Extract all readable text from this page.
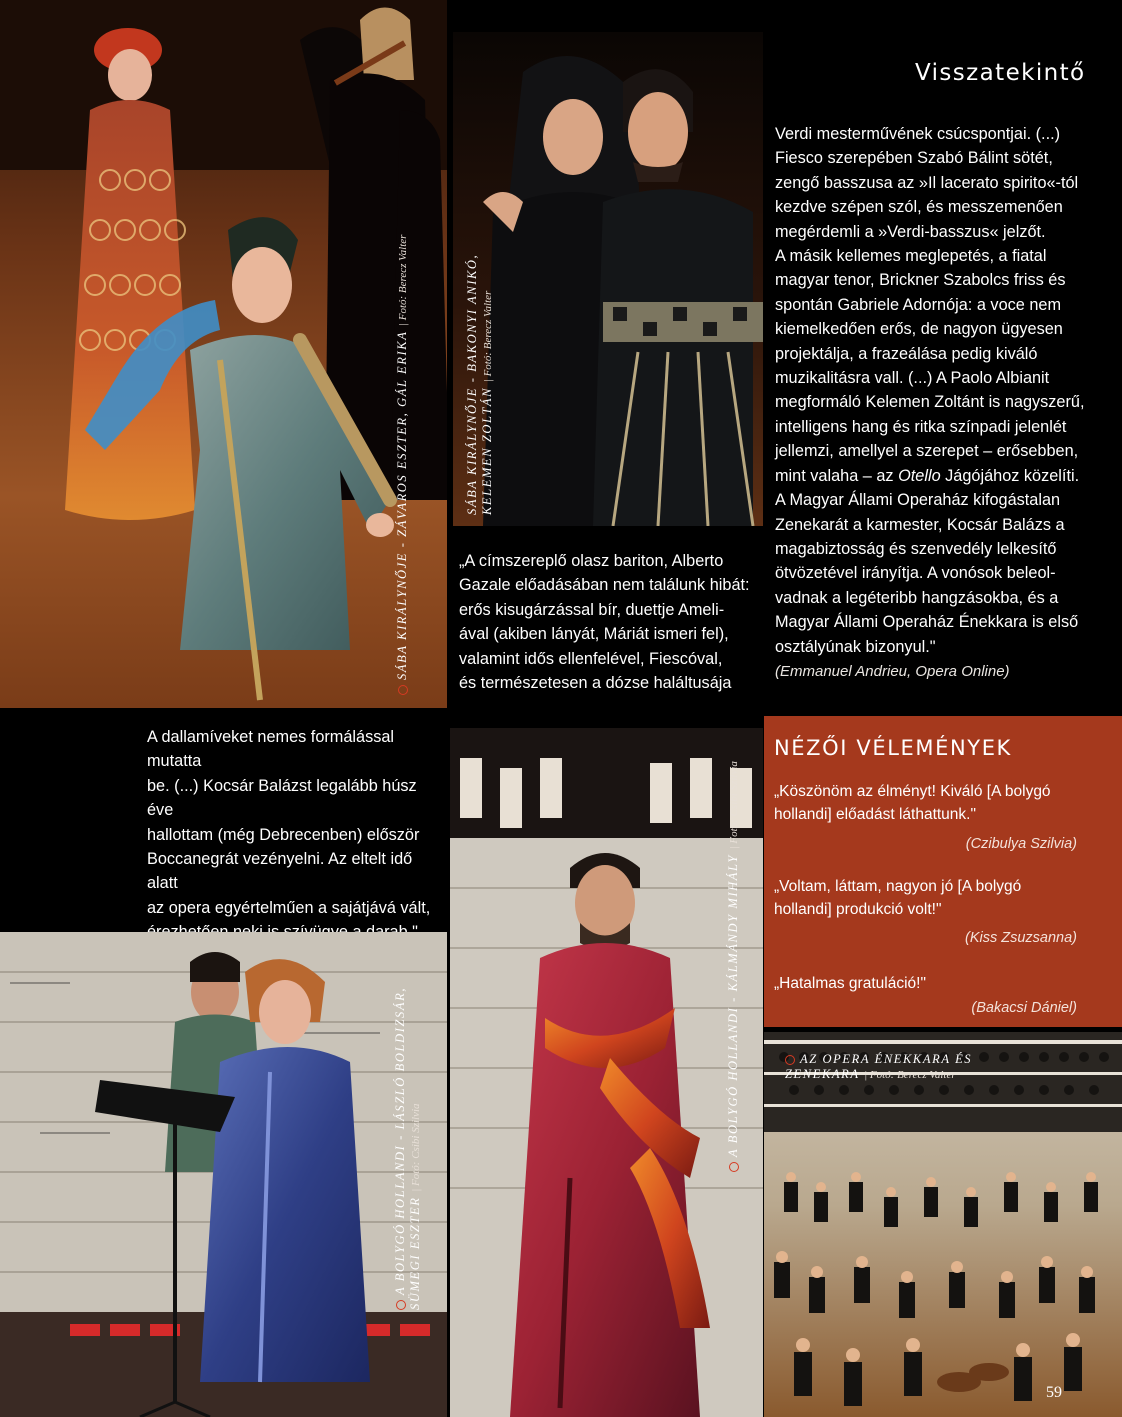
SÁBA KIRÁLYNŐJE - ZÁVAROS ESZTER, GÁL ERIKA | Fotó: Berecz Valter	SÁBA KIRÁLYNŐJE - BAKONYI ANIKÓ, KELEMEN ZOLTÁN | Fotó: Berecz Valter
Visszatekintő
Verdi mesterművének csúcspontjai. (...)
Fiesco szerepében Szabó Bálint sötét,
zengő basszusa az »Il lacerato spirito«-tól
kezdve szépen szól, és messzemenően
megérdemli a »Verdi-basszus« jelzőt.
A másik kellemes meglepetés, a fiatal
magyar tenor, Brickner Szabolcs friss és
spontán Gabriele Adornója: a voce nem
kiemelkedően erős, de nagyon ügyesen
projektálja, a frazeálása pedig kiváló
muzikalitásra vall. (...) A Paolo Albianit
megformáló Kelemen Zoltánt is nagyszerű,
intelligens hang és ritka színpadi jelenlét
jellemzi, amellyel a szerepet – erősebben,
mint valaha – az Otello Jágójához közelíti.
A Magyar Állami Operaház kifogástalan
Zenekarát a karmester, Kocsár Balázs a
magabiztosság és szenvedély lelkesítő
ötvözetével irányítja. A vonósok beleol-
vadnak a legéteribb hangzásokba, és a
Magyar Állami Operaház Énekkara is első
osztályúnak bizonyul."
(Emmanuel Andrieu, Opera Online)
„A címszereplő olasz bariton, Alberto
Gazale előadásában nem találunk hibát:
erős kisugárzással bír, duettje Ameli-
ával (akiben lányát, Máriát ismeri fel),
valamint idős ellenfelével, Fiescóval,
és természetesen a dózse haláltusája
A dallamíveket nemes formálással mutatta
be. (...) Kocsár Balázst legalább húsz éve
hallottam (még Debrecenben) először
Boccanegrát vezényelni. Az eltelt idő alatt
az opera egyértelműen a sajátjává vált,
A BOLYGÓ HOLLANDI - LÁSZLÓ BOLDIZSÁR, SÜMEGI ESZTER | Fotó: Csibi Szilvia	A BOLYGÓ HOLLANDI - KÁLMÁNDY MIHÁLY | Fotó: Csibi Szilvia
NÉZŐI VÉLEMÉNYEK
„Köszönöm az élményt! Kiváló [A bolygó
hollandi] előadást láthattunk."
(Czibulya Szilvia)
„Voltam, láttam, nagyon jó [A bolygó
hollandi] produkció volt!"
(Kiss Zsuzsanna)
„Hatalmas gratuláció!"
(Bakacsi Dániel)
AZ OPERA ÉNEKKARA ÉS
ZENEKARA | Fotó: Berecz Valter
59
